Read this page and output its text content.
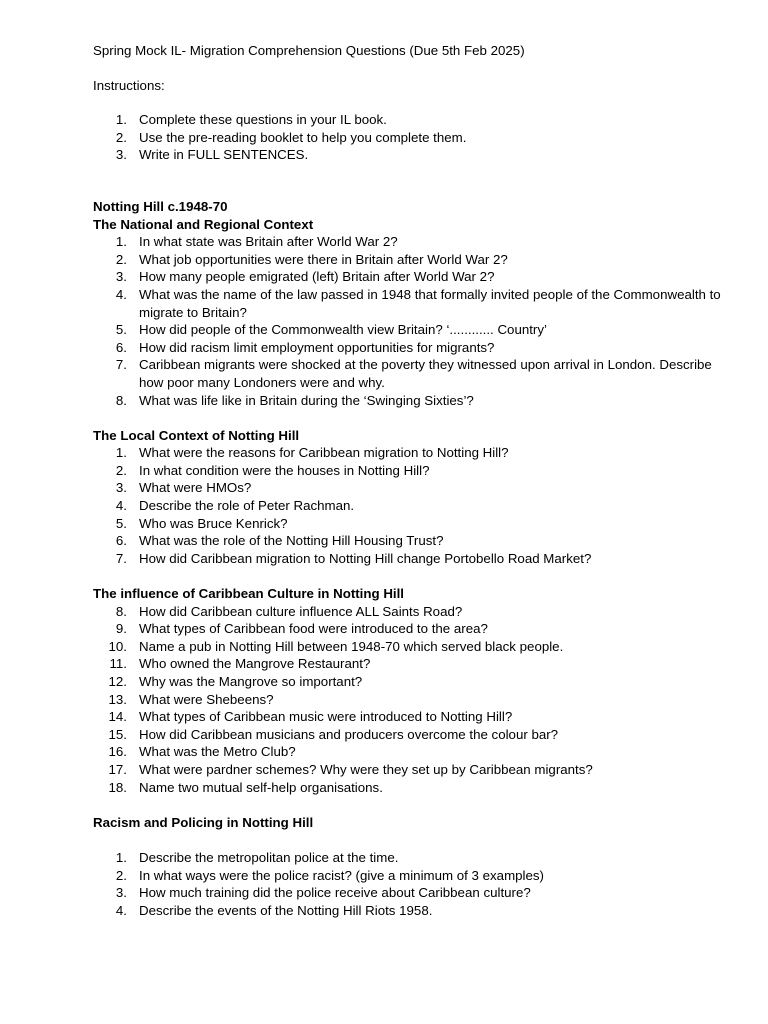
Spring Mock IL- Migration Comprehension Questions (Due 5th Feb 2025)

Instructions:

1. Complete these questions in your IL book.
2. Use the pre-reading booklet to help you complete them.
3. Write in FULL SENTENCES.

Notting Hill c.1948-70

The National and Regional Context

1. In what state was Britain after World War 2?
2. What job opportunities were there in Britain after World War 2?
3. How many people emigrated (left) Britain after World War 2?
4. What was the name of the law passed in 1948 that formally invited people of the Commonwealth to migrate to Britain?
5. How did people of the Commonwealth view Britain? ‘............ Country’
6. How did racism limit employment opportunities for migrants?
7. Caribbean migrants were shocked at the poverty they witnessed upon arrival in London. Describe how poor many Londoners were and why.
8. What was life like in Britain during the ‘Swinging Sixties’?

The Local Context of Notting Hill

1. What were the reasons for Caribbean migration to Notting Hill?
2. In what condition were the houses in Notting Hill?
3. What were HMOs?
4. Describe the role of Peter Rachman.
5. Who was Bruce Kenrick?
6. What was the role of the Notting Hill Housing Trust?
7. How did Caribbean migration to Notting Hill change Portobello Road Market?

The influence of Caribbean Culture in Notting Hill

8. How did Caribbean culture influence ALL Saints Road?
9. What types of Caribbean food were introduced to the area?
10. Name a pub in Notting Hill between 1948-70 which served black people.
11. Who owned the Mangrove Restaurant?
12. Why was the Mangrove so important?
13. What were Shebeens?
14. What types of Caribbean music were introduced to Notting Hill?
15. How did Caribbean musicians and producers overcome the colour bar?
16. What was the Metro Club?
17. What were pardner schemes? Why were they set up by Caribbean migrants?
18. Name two mutual self-help organisations.

Racism and Policing in Notting Hill

1. Describe the metropolitan police at the time.
2. In what ways were the police racist? (give a minimum of 3 examples)
3. How much training did the police receive about Caribbean culture?
4. Describe the events of the Notting Hill Riots 1958.
